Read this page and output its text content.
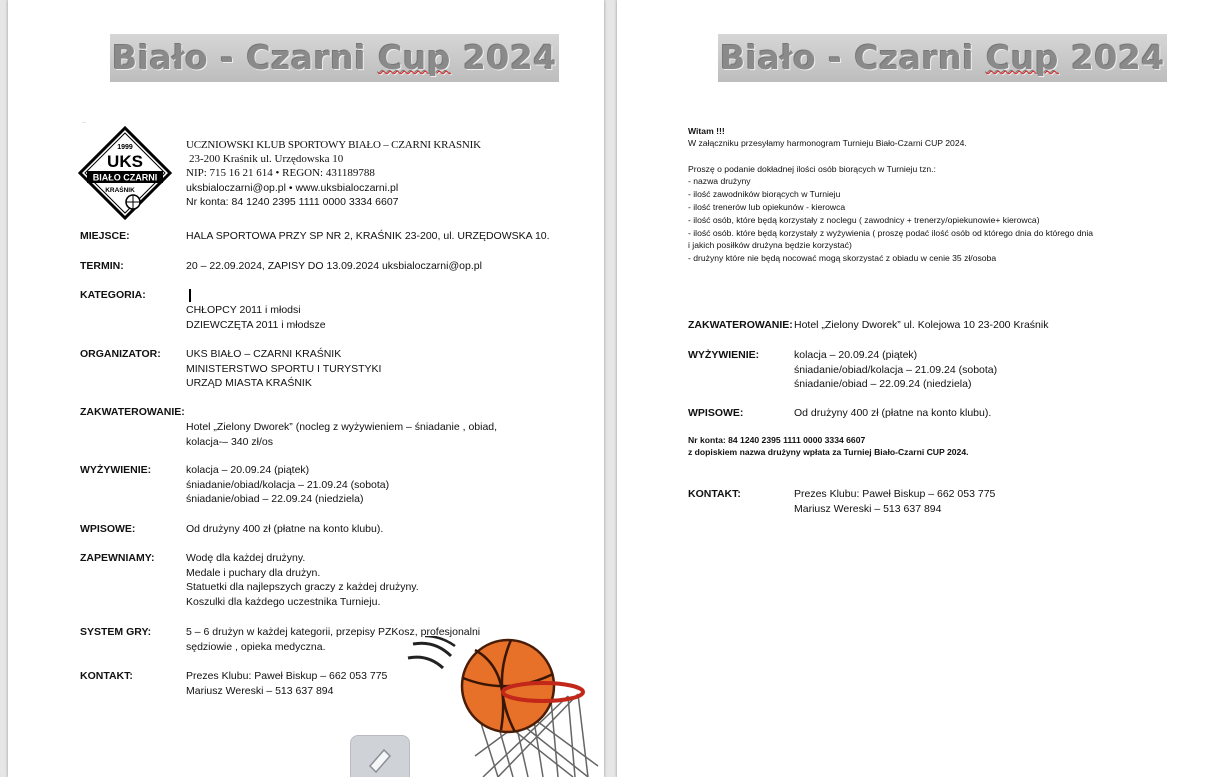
Biało - Czarni Cup 2024
..
1999
UKS
BIAŁO CZARNI
KRAŚNIK
UCZNIOWSKI KLUB SPORTOWY BIAŁO – CZARNI KRASNIK
23-200 Kraśnik ul. Urzędowska 10
NIP: 715 16 21 614 • REGON: 431189788
uksbialoczarni@op.pl • www.uksbialoczarni.pl
Nr konta: 84 1240 2395 1111 0000 3334 6607
MIEJSCE:	HALA SPORTOWA PRZY SP NR 2, KRAŚNIK 23-200, ul. URZĘDOWSKA 10.
TERMIN:	20 – 22.09.2024, ZAPISY DO 13.09.2024 uksbialoczarni@op.pl
KATEGORIA:
CHŁOPCY 2011 i młodsi
DZIEWCZĘTA 2011 i młodsze
ORGANIZATOR: UKS BIAŁO – CZARNI KRAŚNIK
MINISTERSTWO SPORTU I TURYSTYKI
URZĄD MIASTA KRAŚNIK
ZAKWATEROWANIE:
Hotel „Zielony Dworek” (nocleg z wyżywieniem – śniadanie , obiad,
kolacja-– 340 zł/os
WYŻYWIENIE:	kolacja – 20.09.24 (piątek)
śniadanie/obiad/kolacja – 21.09.24 (sobota)
śniadanie/obiad – 22.09.24 (niedziela)
WPISOWE:	Od drużyny 400 zł (płatne na konto klubu).
ZAPEWNIAMY:	Wodę dla każdej drużyny.
Medale i puchary dla drużyn.
Statuetki dla najlepszych graczy z każdej drużyny.
Koszulki dla każdego uczestnika Turnieju.
SYSTEM GRY:	5 – 6 drużyn w każdej kategorii, przepisy PZKosz, profesjonalni
sędziowie , opieka medyczna.
KONTAKT:	Prezes Klubu: Paweł Biskup – 662 053 775
Mariusz Wereski – 513 637 894
Biało - Czarni Cup 2024
Witam !!!
W załączniku przesyłamy harmonogram Turnieju Biało-Czarni CUP 2024.
Proszę o podanie dokładnej ilości osób biorących w Turnieju tzn.:
- nazwa drużyny
- ilość zawodników biorących w Turnieju
- ilość trenerów lub opiekunów - kierowca
- ilość osób, które będą korzystały z noclegu ( zawodnicy + trenerzy/opiekunowie+ kierowca)
- ilość osób. które będą korzystały z wyżywienia ( proszę podać ilość osób od którego dnia do którego dnia
i jakich posiłków drużyna będzie korzystać)
- drużyny które nie będą nocować mogą skorzystać z obiadu w cenie 35 zł/osoba
ZAKWATEROWANIE: Hotel „Zielony Dworek” ul. Kolejowa 10 23-200 Kraśnik
WYŻYWIENIE:	kolacja – 20.09.24 (piątek)
śniadanie/obiad/kolacja – 21.09.24 (sobota)
śniadanie/obiad – 22.09.24 (niedziela)
WPISOWE:	Od drużyny 400 zł (płatne na konto klubu).
Nr konta: 84 1240 2395 1111 0000 3334 6607
z dopiskiem nazwa drużyny wpłata za Turniej Biało-Czarni CUP 2024.
KONTAKT:	Prezes Klubu: Paweł Biskup – 662 053 775
Mariusz Wereski – 513 637 894
